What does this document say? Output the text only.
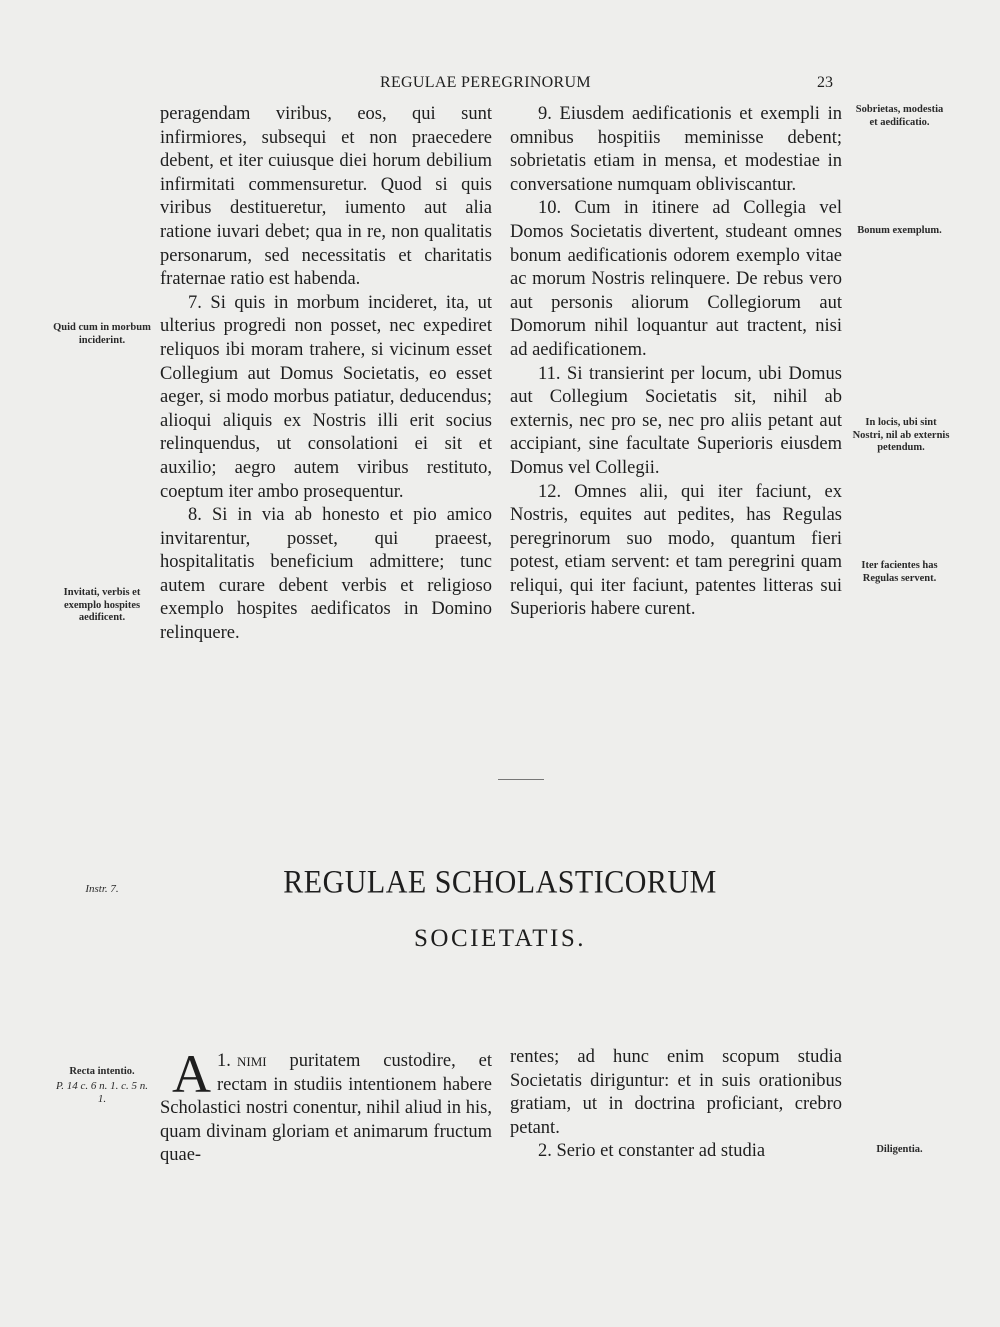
REGULAE PEREGRINORUM	23
Quid cum in morbum inciderint.
Invitati, verbis et exemplo hospites aedificent.
Instr. 7.
Recta intentio.
P. 14 c. 6 n. 1. c. 5 n. 1.
Sobrietas, modestia et aedificatio.
Bonum exemplum.
In locis, ubi sint Nostri, nil ab externis petendum.
Iter facientes has Regulas servent.
Diligentia.

peragendam viribus, eos, qui sunt infirmiores, subsequi et non praecedere debent, et iter cuiusque diei horum debilium infirmitati commensuretur. Quod si quis viribus destitueretur, iumento aut alia ratione iuvari debet; qua in re, non qualitatis personarum, sed necessitatis et charitatis fraternae ratio est habenda.

7. Si quis in morbum incideret, ita, ut ulterius progredi non posset, nec expediret reliquos ibi moram trahere, si vicinum esset Collegium aut Domus Societatis, eo esset aeger, si modo morbus patiatur, deducendus; alioqui aliquis ex Nostris illi erit socius relinquendus, ut consolationi ei sit et auxilio; aegro autem viribus restituto, coeptum iter ambo prosequentur.

8. Si in via ab honesto et pio amico invitarentur, posset, qui praeest, hospitalitatis beneficium admittere; tunc autem curare debent verbis et religioso exemplo hospites aedificatos in Domino relinquere.

9. Eiusdem aedificationis et exempli in omnibus hospitiis meminisse debent; sobrietatis etiam in mensa, et modestiae in conversatione numquam obliviscantur.

10. Cum in itinere ad Collegia vel Domos Societatis divertent, studeant omnes bonum aedificationis odorem exemplo vitae ac morum Nostris relinquere. De rebus vero aut personis aliorum Collegiorum aut Domorum nihil loquantur aut tractent, nisi ad aedificationem.

11. Si transierint per locum, ubi Domus aut Collegium Societatis sit, nihil ab externis, nec pro se, nec pro aliis petant aut accipiant, sine facultate Superioris eiusdem Domus vel Collegii.

12. Omnes alii, qui iter faciunt, ex Nostris, equites aut pedites, has Regulas peregrinorum suo modo, quantum fieri potest, etiam servent: et tam peregrini quam reliqui, qui iter faciunt, patentes litteras sui Superioris habere curent.

REGULAE SCHOLASTICORUM
SOCIETATIS.

1.
A nimi puritatem custodire, et rectam in studiis intentionem habere Scholastici nostri conentur, nihil aliud in his, quam divinam gloriam et animarum fructum quae-

rentes; ad hunc enim scopum studia Societatis diriguntur: et in suis orationibus gratiam, ut in doctrina proficiant, crebro petant.

2. Serio et constanter ad studia
